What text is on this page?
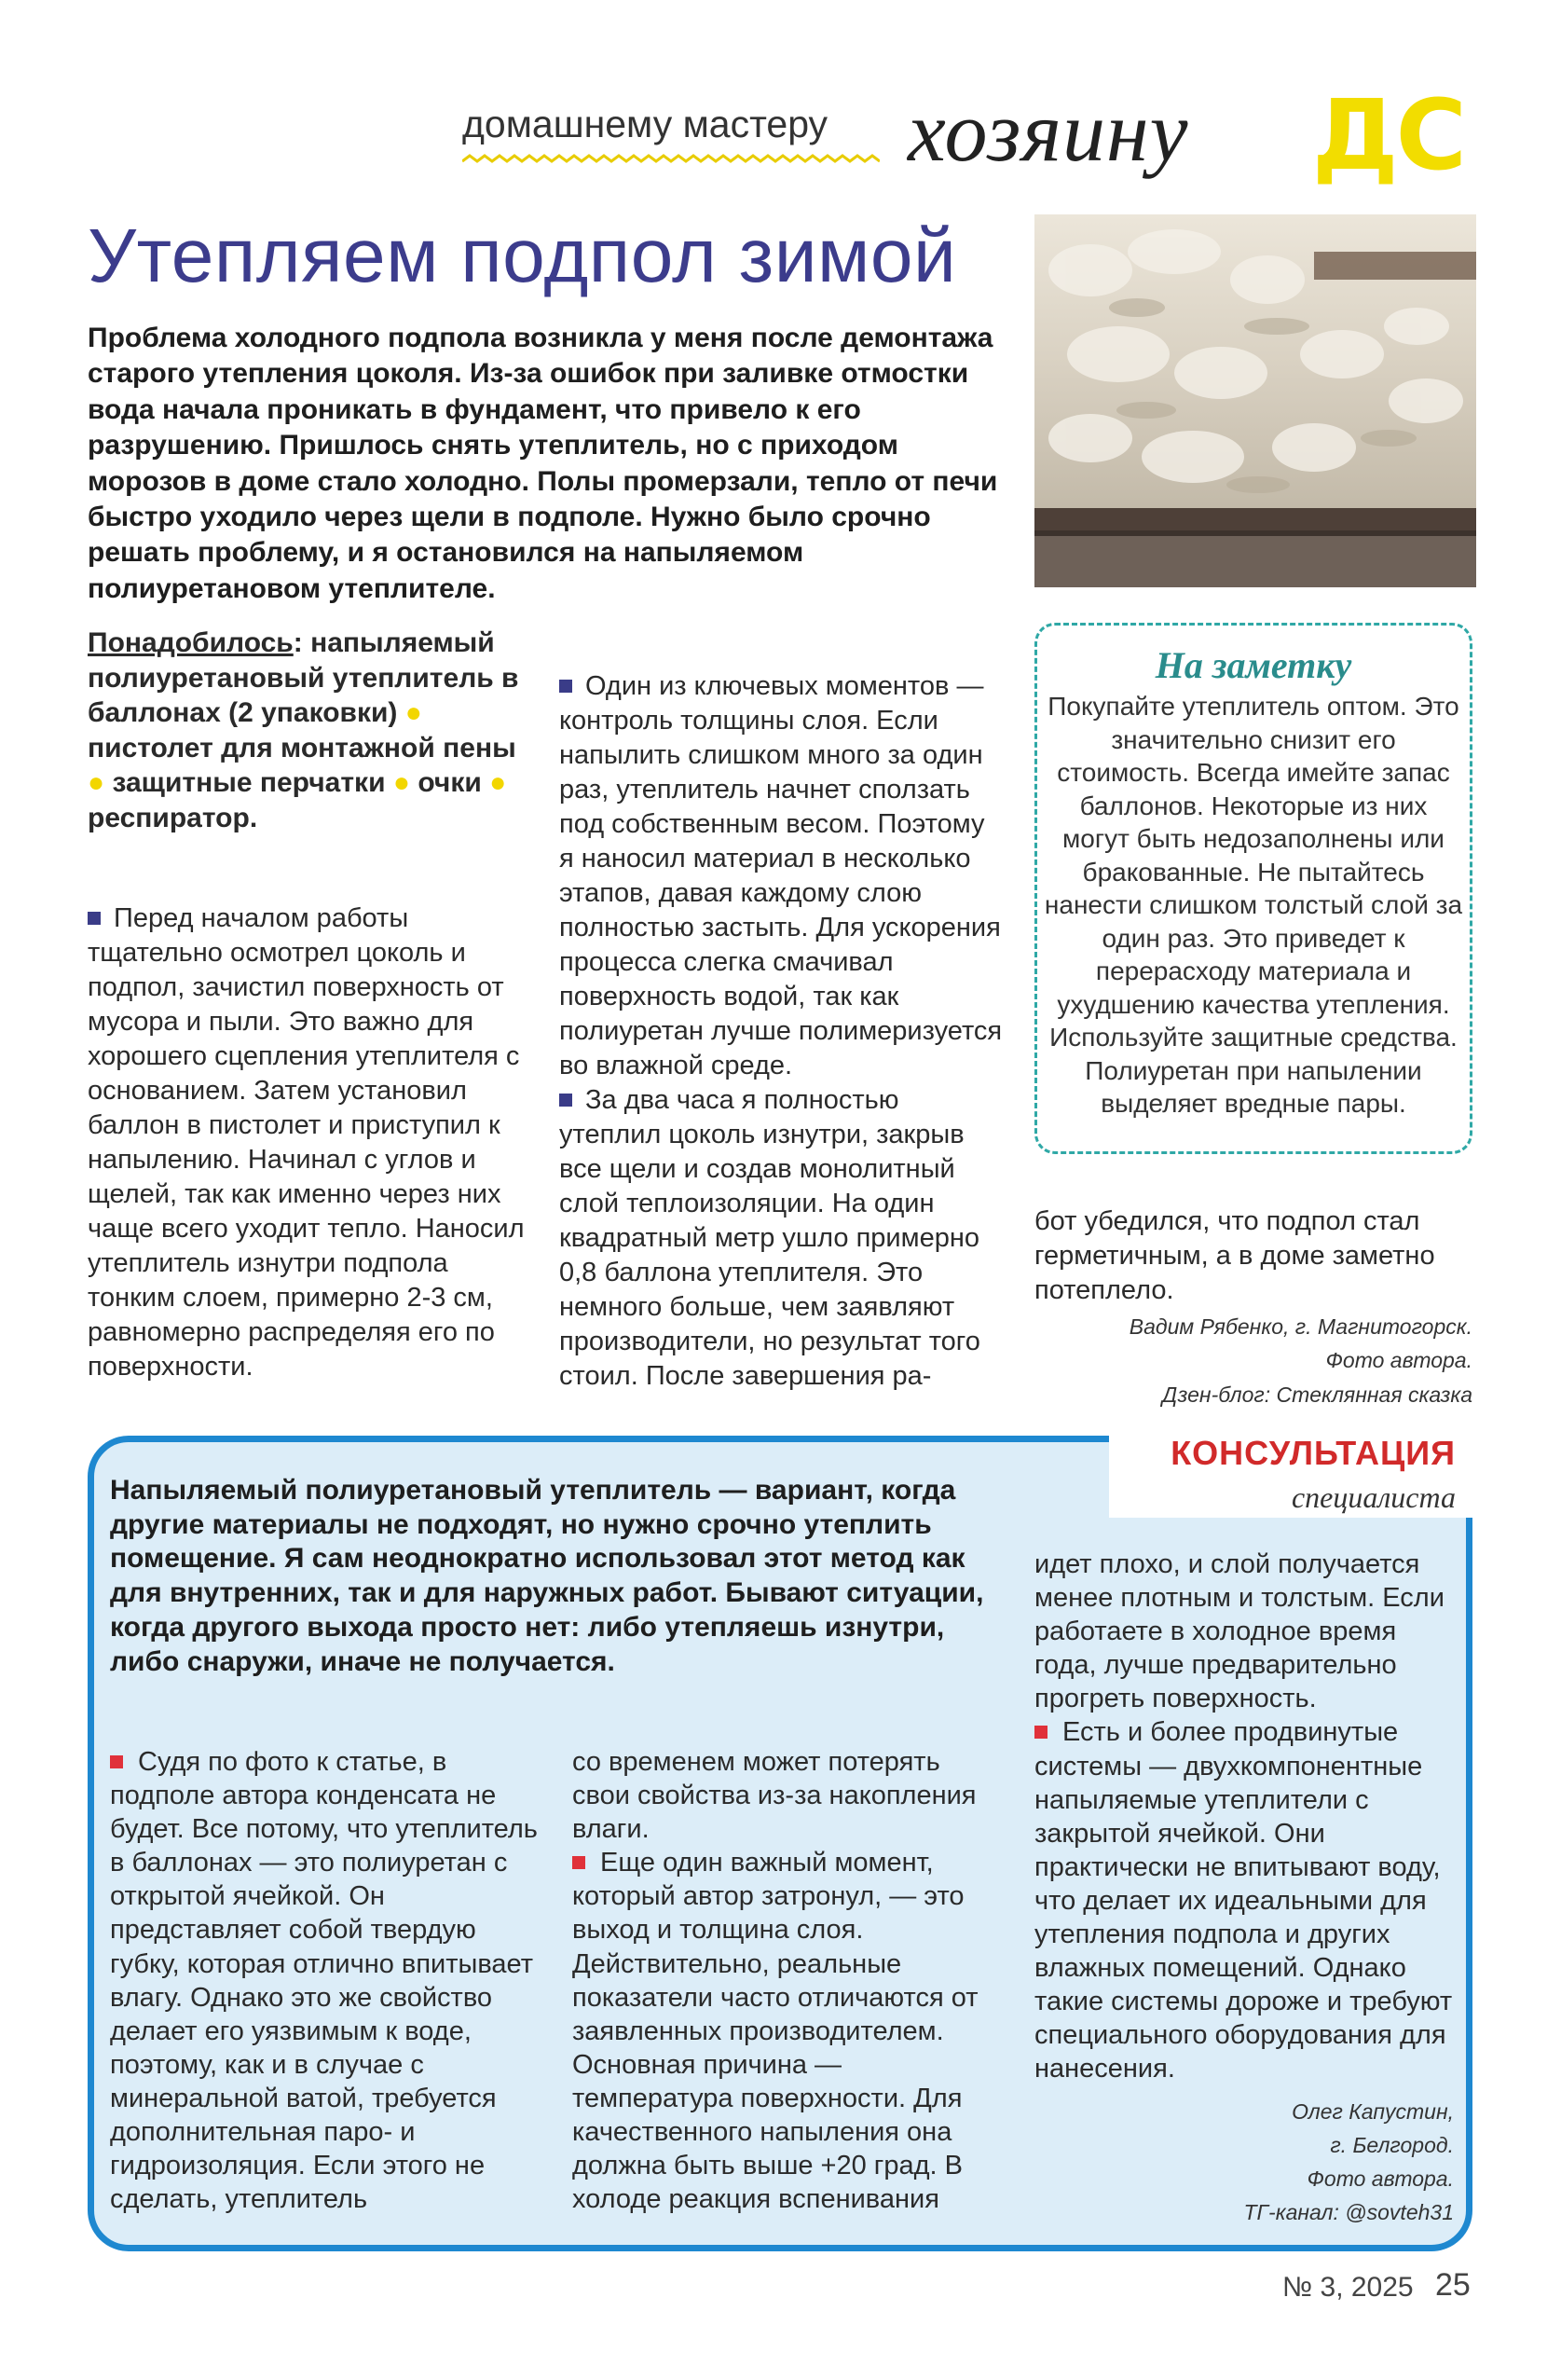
домашнему мастеру хозяину ДС
Утепляем подпол зимой

Проблема холодного подпола возникла у меня после демонтажа старого утепления цоколя. Из-за ошибок при заливке отмостки вода начала проникать в фундамент, что привело к его разрушению. Пришлось снять утеплитель, но с приходом морозов в доме стало холодно. Полы промерзали, тепло от печи быстро уходило через щели в подполе. Нужно было срочно решать проблему, и я остановился на напыляемом полиуретановом утеплителе.

Понадобилось: напыляемый полиуретановый утеплитель в баллонах (2 упаковки) ● пистолет для монтажной пены ● защитные перчатки ● очки ● респиратор.

Перед началом работы тщательно осмотрел цоколь и подпол, зачистил поверхность от мусора и пыли. Это важно для хорошего сцепления утеплителя с основанием. Затем установил баллон в пистолет и приступил к напылению. Начинал с углов и щелей, так как именно через них чаще всего уходит тепло. Наносил утеплитель изнутри подпола тонким слоем, примерно 2-3 см, равномерно распределяя его по поверхности.

Один из ключевых моментов — контроль толщины слоя. Если напылить слишком много за один раз, утеплитель начнет сползать под собственным весом. Поэтому я наносил материал в несколько этапов, давая каждому слою полностью застыть. Для ускорения процесса слегка смачивал поверхность водой, так как полиуретан лучше полимеризуется во влажной среде.

За два часа я полностью утеплил цоколь изнутри, закрыв все щели и создав монолитный слой теплоизоляции. На один квадратный метр ушло примерно 0,8 баллона утеплителя. Это немного больше, чем заявляют производители, но результат того стоил. После завершения ра-

На заметку

Покупайте утеплитель оптом. Это значительно снизит его стоимость. Всегда имейте запас баллонов. Некоторые из них могут быть недозаполнены или бракованные. Не пытайтесь нанести слишком толстый слой за один раз. Это приведет к перерасходу материала и ухудшению качества утепления. Используйте защитные средства. Полиуретан при напылении выделяет вредные пары.

бот убедился, что подпол стал герметичным, а в доме заметно потеплело.

Вадим Рябенко, г. Магнитогорск.
Фото автора.
Дзен-блог: Стеклянная сказка
КОНСУЛЬТАЦИЯ
специалиста

Напыляемый полиуретановый утеплитель — вариант, когда другие материалы не подходят, но нужно срочно утеплить помещение. Я сам неоднократно использовал этот метод как для внутренних, так и для наружных работ. Бывают ситуации, когда другого выхода просто нет: либо утепляешь изнутри, либо снаружи, иначе не получается.

Судя по фото к статье, в подполе автора конденсата не будет. Все потому, что утеплитель в баллонах — это полиуретан с открытой ячейкой. Он представляет собой твердую губку, которая отлично впитывает влагу. Однако это же свойство делает его уязвимым к воде, поэтому, как и в случае с минеральной ватой, требуется дополнительная паро- и гидроизоляция. Если этого не сделать, утеплитель

со временем может потерять свои свойства из-за накопления влаги.

Еще один важный момент, который автор затронул, — это выход и толщина слоя. Действительно, реальные показатели часто отличаются от заявленных производителем. Основная причина — температура поверхности. Для качественного напыления она должна быть выше +20 град. В холоде реакция вспенивания

идет плохо, и слой получается менее плотным и толстым. Если работаете в холодное время года, лучше предварительно прогреть поверхность.

Есть и более продвинутые системы — двухкомпонентные напыляемые утеплители с закрытой ячейкой. Они практически не впитывают воду, что делает их идеальными для утепления подпола и других влажных помещений. Однако такие системы дороже и требуют специального оборудования для нанесения.

Олег Капустин,
г. Белгород.
Фото автора.
ТГ-канал: @sovteh31
№ 3, 2025 25
